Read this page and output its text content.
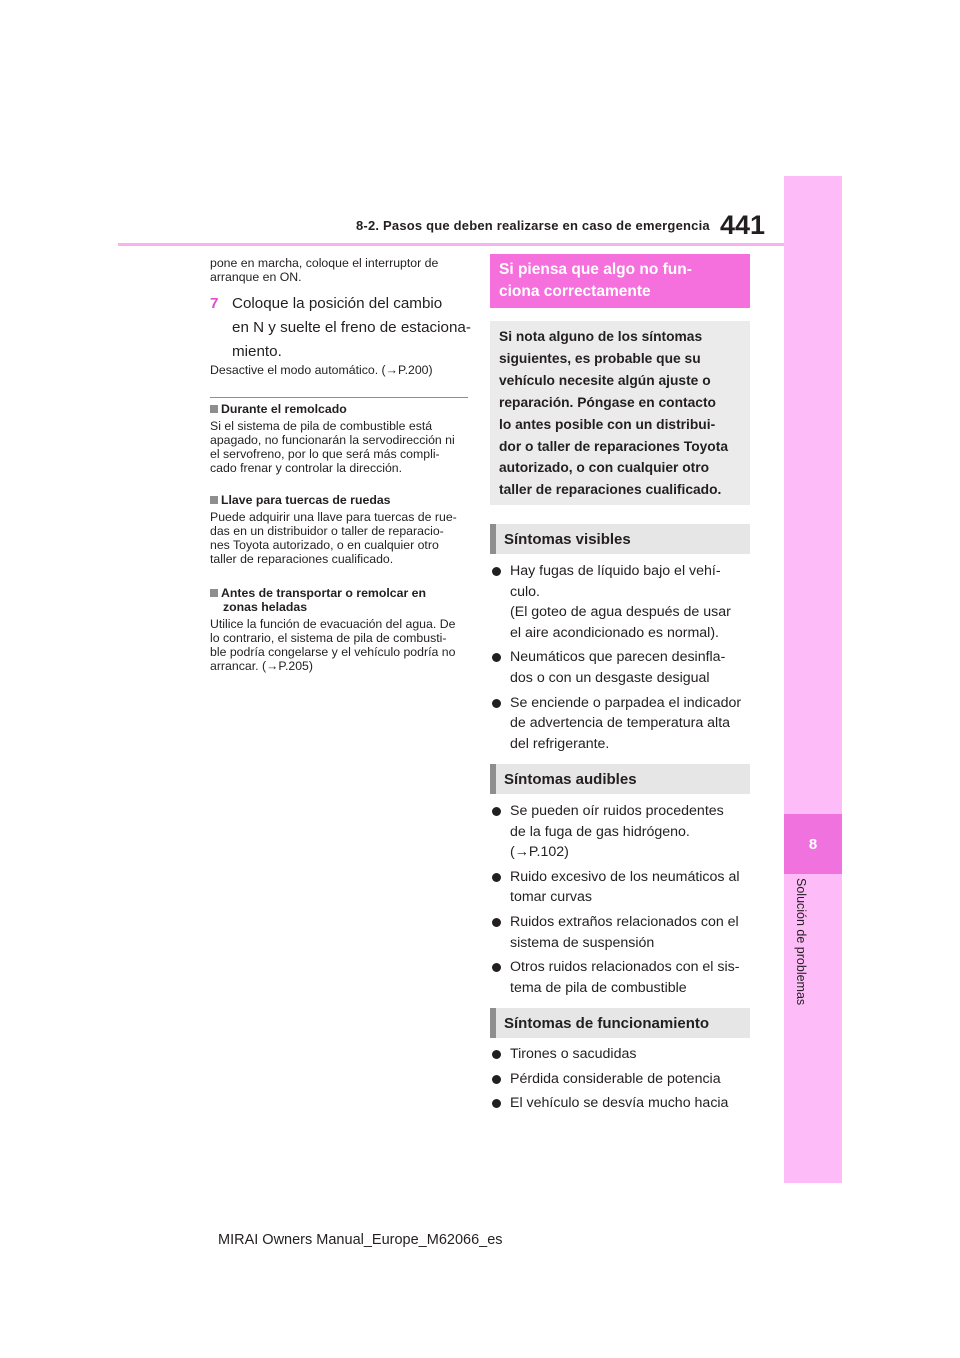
8
Solución de problemas
8-2. Pasos que deben realizarse en caso de emergencia 441
pone en marcha, coloque el interruptor de
arranque en ON.
7 Coloque la posición del cambio
en N y suelte el freno de estaciona-
miento.
Desactive el modo automático. (→P.200)
Durante el remolcado
Si el sistema de pila de combustible está
apagado, no funcionarán la servodirección ni
el servofreno, por lo que será más compli-
cado frenar y controlar la dirección.
Llave para tuercas de ruedas
Puede adquirir una llave para tuercas de rue-
das en un distribuidor o taller de reparacio-
nes Toyota autorizado, o en cualquier otro
taller de reparaciones cualificado.
Antes de transportar o remolcar en
zonas heladas
Utilice la función de evacuación del agua. De
lo contrario, el sistema de pila de combusti-
ble podría congelarse y el vehículo podría no
arrancar. (→P.205)
Si piensa que algo no fun-
ciona correctamente
Si nota alguno de los síntomas
siguientes, es probable que su
vehículo necesite algún ajuste o
reparación. Póngase en contacto
lo antes posible con un distribui-
dor o taller de reparaciones Toyota
autorizado, o con cualquier otro
taller de reparaciones cualificado.
Síntomas visibles
Hay fugas de líquido bajo el vehí-
culo.
(El goteo de agua después de usar
el aire acondicionado es normal).
Neumáticos que parecen desinfla-
dos o con un desgaste desigual
Se enciende o parpadea el indicador
de advertencia de temperatura alta
del refrigerante.
Síntomas audibles
Se pueden oír ruidos procedentes
de la fuga de gas hidrógeno.
(→P.102)
Ruido excesivo de los neumáticos al
tomar curvas
Ruidos extraños relacionados con el
sistema de suspensión
Otros ruidos relacionados con el sis-
tema de pila de combustible
Síntomas de funcionamiento
Tirones o sacudidas
Pérdida considerable de potencia
El vehículo se desvía mucho hacia
MIRAI Owners Manual_Europe_M62066_es
